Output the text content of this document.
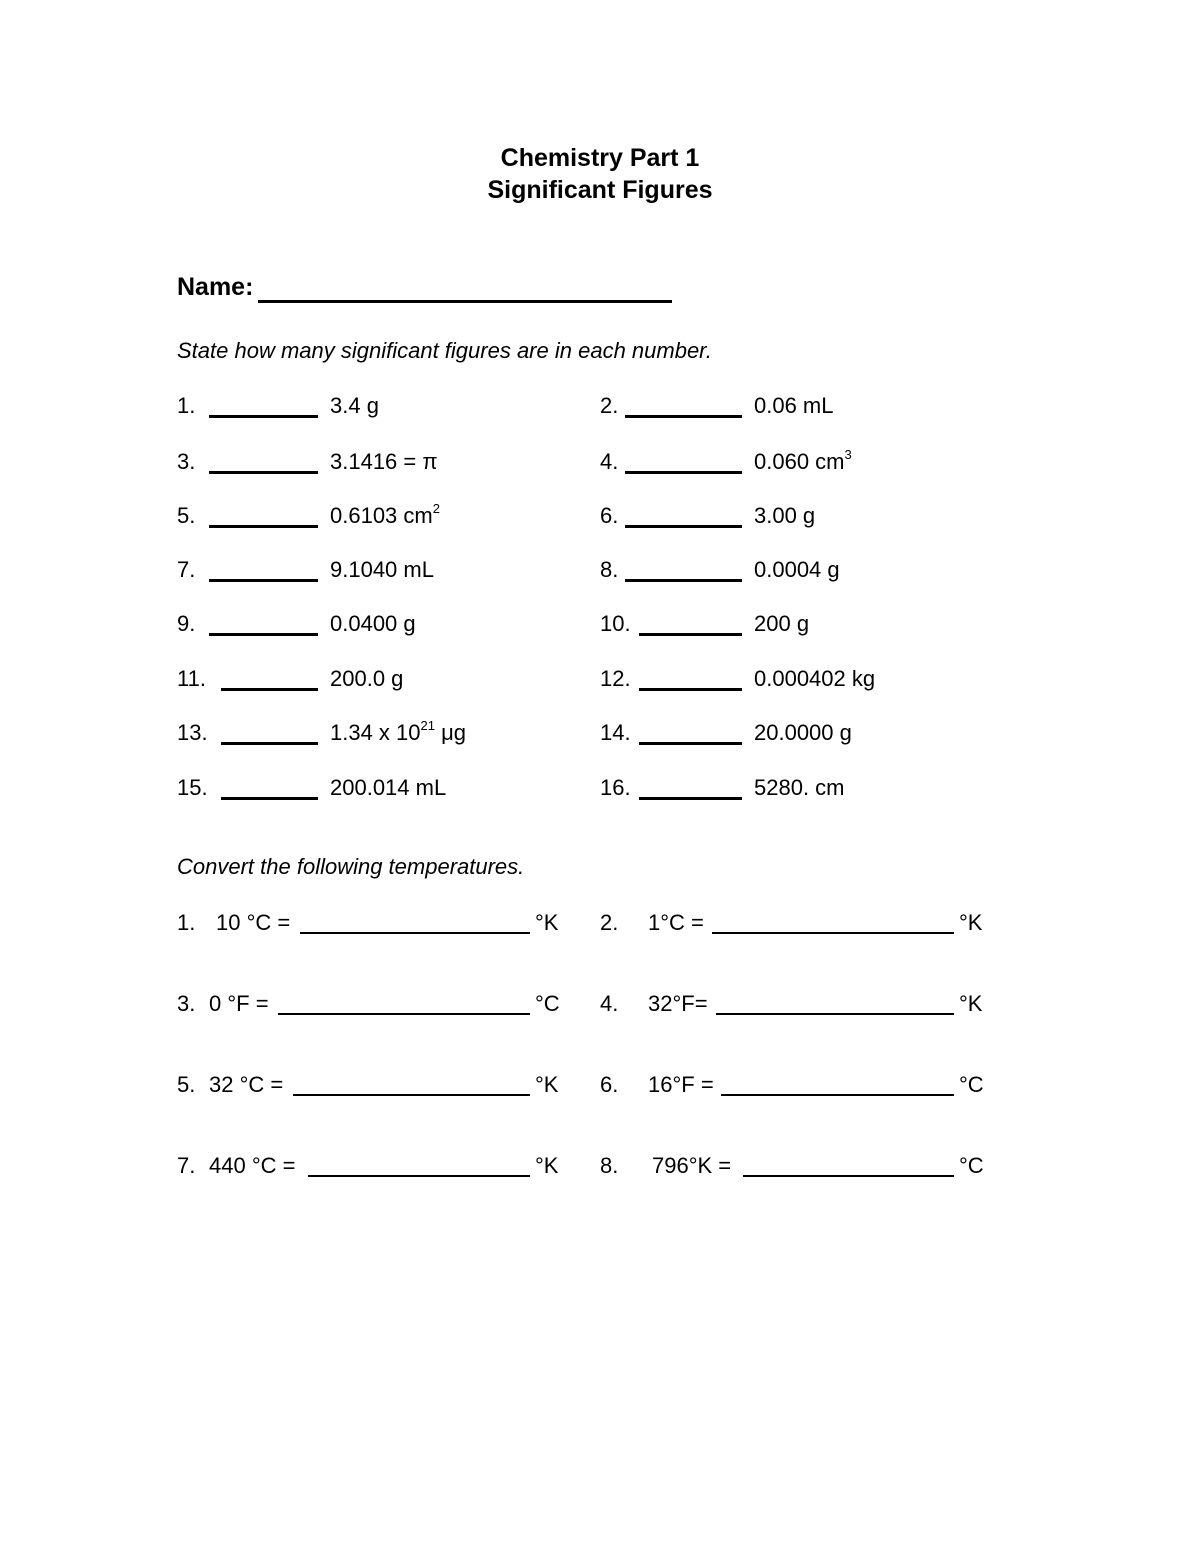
Chemistry Part 1
Significant Figures
Name:
State how many significant figures are in each number.
1.	3.4 g	2.	0.06 mL
3.	3.1416 = π	4.	0.060 $cm^3$
5.	0.6103 $cm^2$	6.	3.00 g
7.	9.1040 mL	8.	0.0004 g
9.	0.0400 g	10.	200 g
11.	200.0 g	12.	0.000402 kg
13.	1.34 x $10^{21}$ μg	14.	20.0000 g
15.	200.014 mL	16.	5280. cm
Convert the following temperatures.
1. 10 °C =	°K 2. 1°C =	°K
3. 0 °F =	°C 4. 32°F=	°K
5. 32 °C =	°K 6. 16°F =	°C
7. 440 °C =	°K 8. 796°K =	°C
